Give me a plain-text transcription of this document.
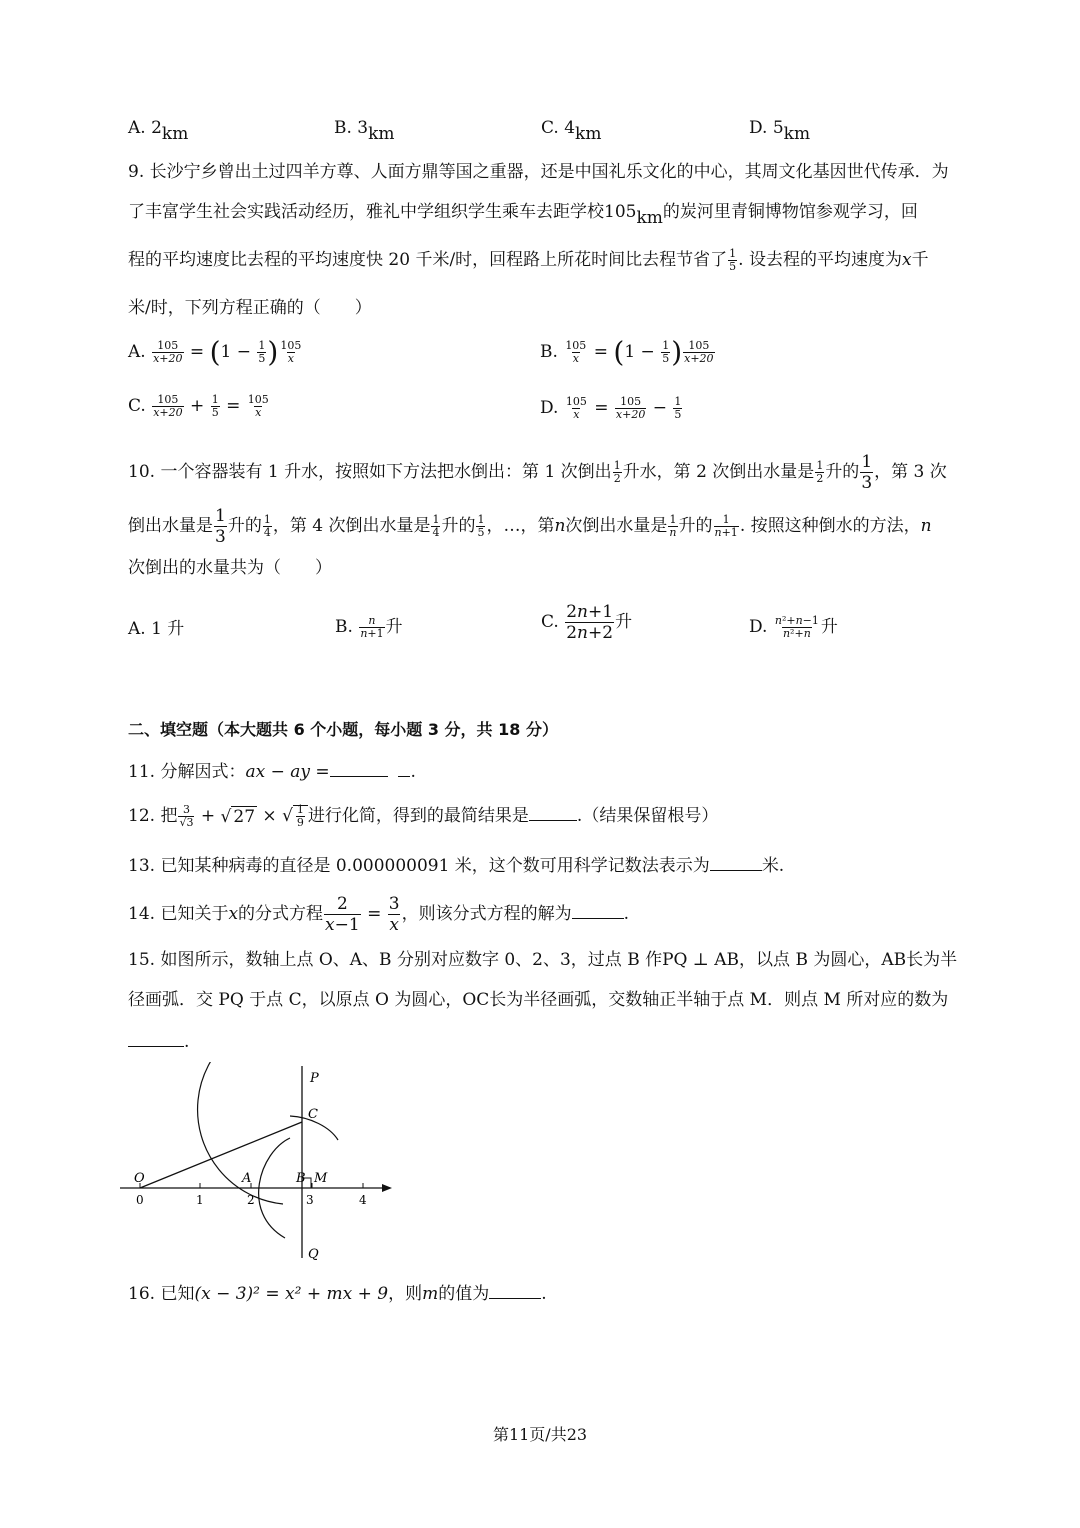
A. 2km	B. 3km	C. 4km	D. 5km
9. 长沙宁乡曾出土过四羊方尊、人面方鼎等国之重器，还是中国礼乐文化的中心，其周文化基因世代传承．为
了丰富学生社会实践活动经历，雅礼中学组织学生乘车去距学校105km的炭河里青铜博物馆参观学习，回
程的平均速度比去程的平均速度快 20 千米/时，回程路上所花时间比去程节省了 $\frac{1}{5}$ . 设去程的平均速度为x千
米/时，下列方程正确的（　　）
A. $\frac{105}{x+20} = (1 - \frac{1}{5}$ ) $\frac{105}{x}$	B. $\frac{105}{x} = (1 - \frac{1}{5}$ ) $\frac{105}{x+20}$
C. $\frac{105}{x+20} + \frac{1}{5} = \frac{105}{x}$	D. $\frac{105}{x} = \frac{105}{x+20} - \frac{1}{5}$
10. 一个容器装有 1 升水，按照如下方法把水倒出：第 1 次倒出 $\frac{1}{2}$ 升水，第 2 次倒出水量是 $\frac{1}{2}$ 升的 $\frac{1}{3}$ ，第 3 次
倒出水量是 $\frac{1}{3}$ 升的 $\frac{1}{4}$ ，第 4 次倒出水量是 $\frac{1}{4}$ 升的 $\frac{1}{5}$ ，…，第n次倒出水量是 $\frac{1}{n}$ 升的 $\frac{1}{n+1}$ . 按照这种倒水的方法，n
次倒出的水量共为（　　）
A. 1 升	B. $\frac{n}{n+1}$ 升	C. $\frac{2n+1}{2n+2}$ 升	D. $\frac{\text{n²+n−1}}{\text{n²+n}}$ 升
二、填空题（本大题共 6 个小题，每小题 3 分，共 18 分）
11. 分解因式：ax − ay =	.
12. 把 $\frac{3}{√3}$ + √ 27 × √ $\frac{1}{9}$ 进行化简，得到的最简结果是	.（结果保留根号）
13. 已知某种病毒的直径是 0.000000091 米，这个数可用科学记数法表示为	米.
14. 已知关于x的分式方程 $\frac{2}{x-1} = \frac{3}{x}$ ，则该分式方程的解为	.
15. 如图所示，数轴上点 O、A、B 分别对应数字 0、2、3，过点 B 作PQ ⊥ AB，以点 B 为圆心，AB长为半
径画弧．交 PQ 于点 C，以原点 O 为圆心，OC长为半径画弧，交数轴正半轴于点 M．则点 M 所对应的数为
.
P
Q
C
O	A	B M
0	1	2	3	4
16. 已知(x − 3)² = x² + mx + 9，则m的值为	.
第11页/共23
